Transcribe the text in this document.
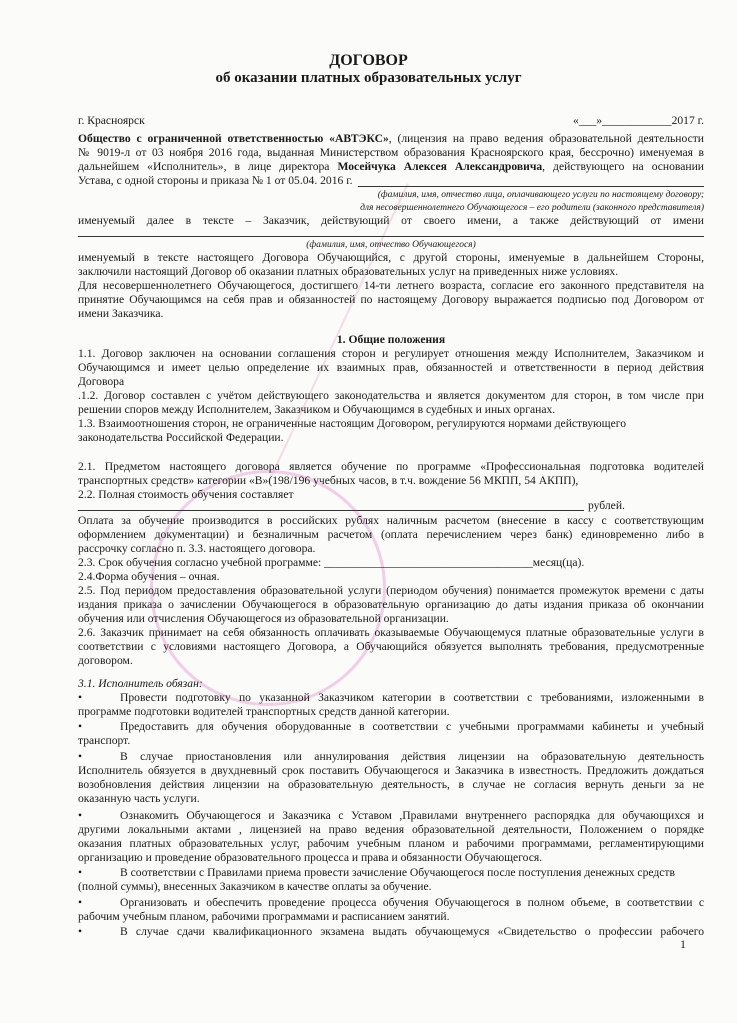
ДОГОВОР
об оказании платных образовательных услуг
г. Красноярск	«___»____________2017 г.
Общество с ограниченной ответственностью «АВТЭКС», (лицензия на право ведения образовательной деятельности
№ 9019-л от 03 ноября 2016 года, выданная Министерством образования Красноярского края, бессрочно) именуемая в
дальнейшем «Исполнитель», в лице директора Мосейчука Алексея Александровича, действующего на основании
Устава, с одной стороны и приказа № 1 от 05.04. 2016 г.
(фамилия, имя, отчество лица, оплачивающего услуги по настоящему договору;
для несовершеннолетнего Обучающегося – его родители (законного представителя)
именуемый далее в тексте – Заказчик, действующий от своего имени, а также действующий от имени
(фамилия, имя, отчество Обучающегося)
именуемый в тексте настоящего Договора Обучающийся, с другой стороны, именуемые в дальнейшем Стороны,
заключили настоящий Договор об оказании платных образовательных услуг на приведенных ниже условиях.
Для несовершеннолетнего Обучающегося, достигшего 14-ти летнего возраста, согласие его законного представителя на
принятие Обучающимся на себя прав и обязанностей по настоящему Договору выражается подписью под Договором от
имени Заказчика.
1. Общие положения
1.1. Договор заключен на основании соглашения сторон и регулирует отношения между Исполнителем, Заказчиком и
Обучающимся и имеет целью определение их взаимных прав, обязанностей и ответственности в период действия
Договора
.1.2. Договор составлен с учётом действующего законодательства и является документом для сторон, в том числе при
решении споров между Исполнителем, Заказчиком и Обучающимся в судебных и иных органах.
1.3. Взаимоотношения сторон, не ограниченные настоящим Договором, регулируются нормами действующего
законодательства Российской Федерации.
2.1. Предметом настоящего договора является обучение по программе «Профессиональная подготовка водителей
транспортных средств» категории «В»(198/196 учебных часов, в т.ч. вождение 56 МКПП, 54 АКПП),
2.2. Полная стоимость обучения составляет
рублей.
Оплата за обучение производится в российских рублях наличным расчетом (внесение в кассу с соответствующим
оформлением документации) и безналичным расчетом (оплата перечислением через банк) единовременно либо в
рассрочку согласно п. 3.3. настоящего договора.
2.3. Срок обучения согласно учебной программе: ____________________________________месяц(ца).
2.4.Форма обучения – очная.
2.5. Под периодом предоставления образовательной услуги (периодом обучения) понимается промежуток времени с даты
издания приказа о зачислении Обучающегося в образовательную организацию до даты издания приказа об окончании
обучения или отчисления Обучающегося из образовательной организации.
2.6. Заказчик принимает на себя обязанность оплачивать оказываемые Обучающемуся платные образовательные услуги в
соответствии с условиями настоящего Договора, а Обучающийся обязуется выполнять требования, предусмотренные
договором.
3.1. Исполнитель обязан:
Провести подготовку по указанной Заказчиком категории в соответствии с требованиями, изложенными в
•
программе подготовки водителей транспортных средств данной категории.
Предоставить для обучения оборудованные в соответствии с учебными программами кабинеты и учебный
•
транспорт.
В случае приостановления или аннулирования действия лицензии на образовательную деятельность
•
Исполнитель обязуется в двухдневный срок поставить Обучающегося и Заказчика в известность. Предложить дождаться
возобновления действия лицензии на образовательную деятельность, в случае не согласия вернуть деньги за не
оказанную часть услуги.
Ознакомить Обучающегося и Заказчика с Уставом ,Правилами внутреннего распорядка для обучающихся и
•
другими локальными актами , лицензией на право ведения образовательной деятельности, Положением о порядке
оказания платных образовательных услуг, рабочим учебным планом и рабочими программами, регламентирующими
организацию и проведение образовательного процесса и права и обязанности Обучающегося.
В соответствии с Правилами приема провести зачисление Обучающегося после поступления денежных средств
•
(полной суммы), внесенных Заказчиком в качестве оплаты за обучение.
Организовать и обеспечить проведение процесса обучения Обучающегося в полном объеме, в соответствии с
•
рабочим учебным планом, рабочими программами и расписанием занятий.
В случае сдачи квалификационного экзамена выдать обучающемуся «Свидетельство о профессии рабочего
•
1
